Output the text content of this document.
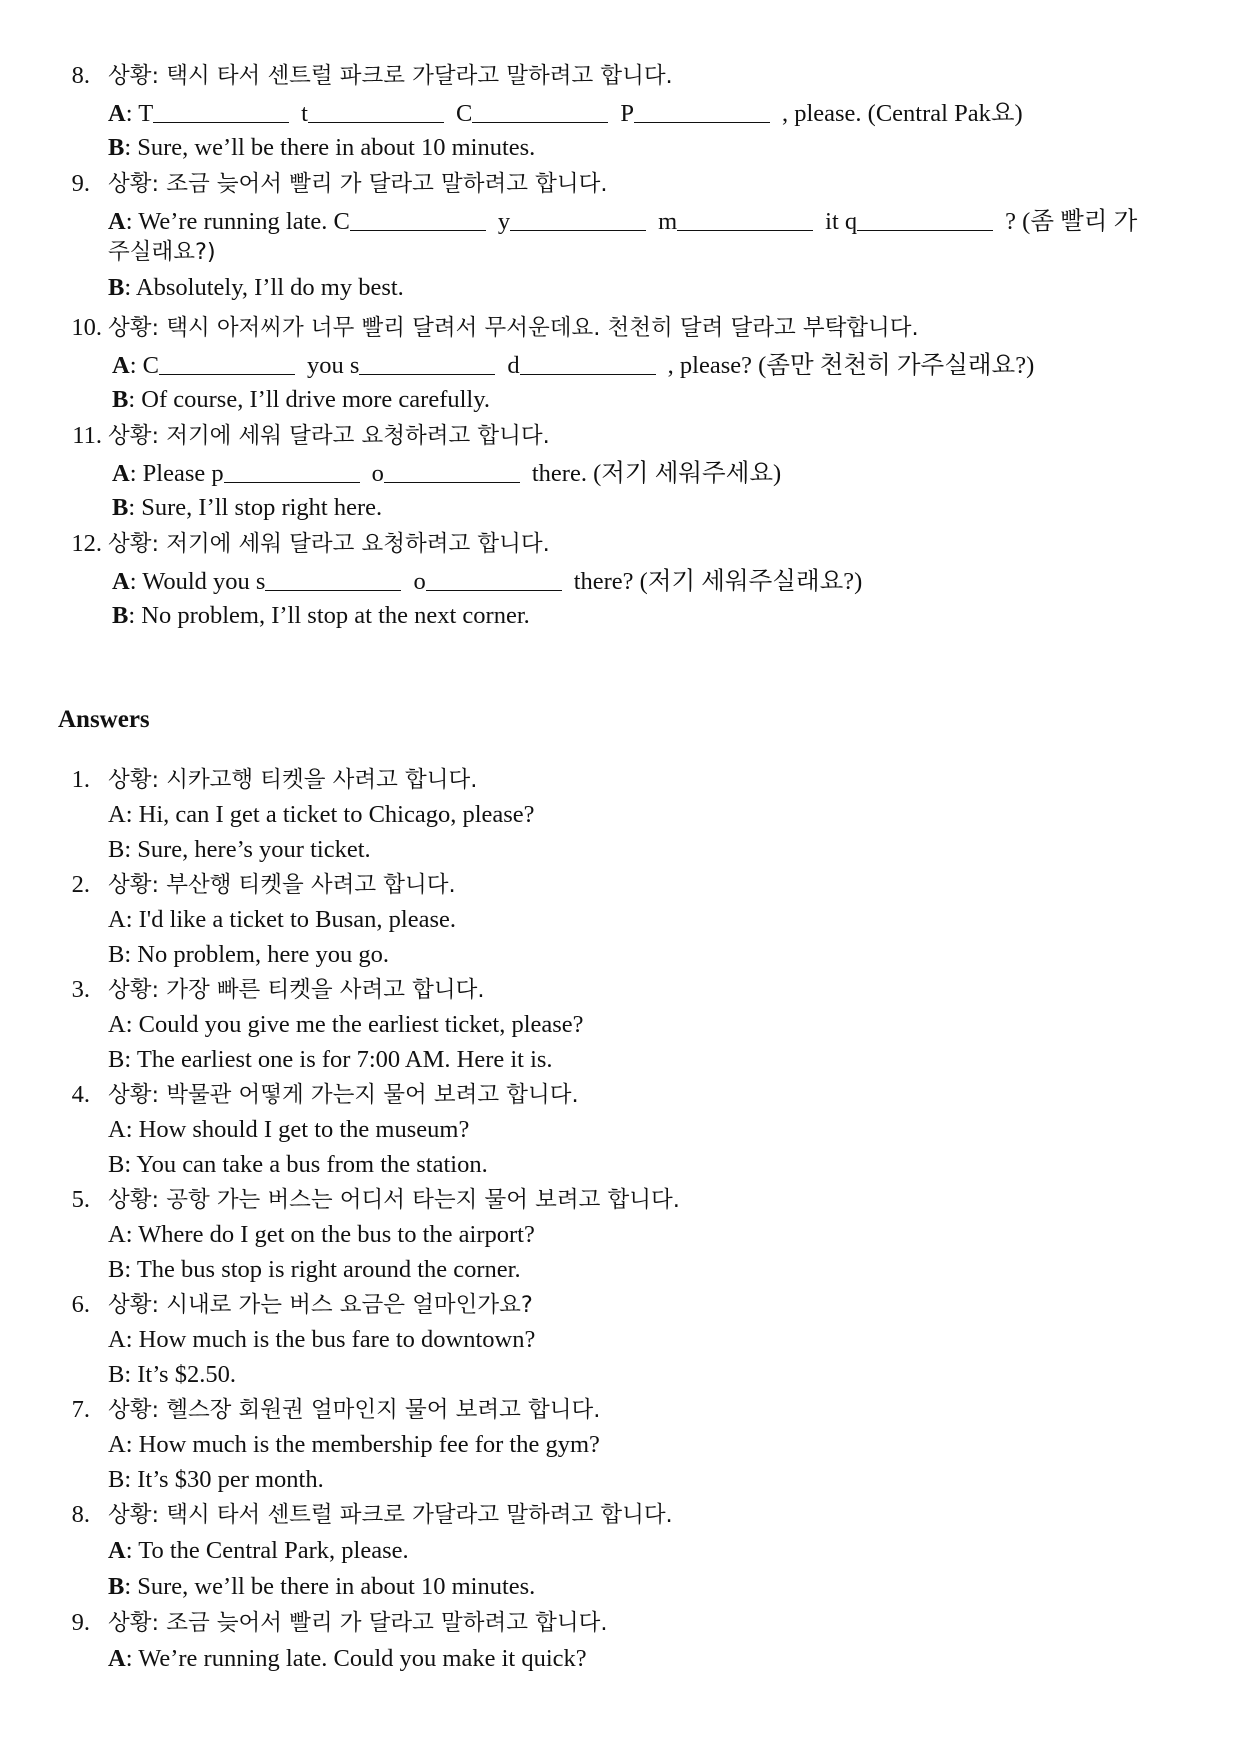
8. 상황: 택시 타서 센트럴 파크로 가달라고 말하려고 합니다.
A: T	t	C	P	, please. (Central Pak요)
B: Sure, we’ll be there in about 10 minutes.
9. 상황: 조금 늦어서 빨리 가 달라고 말하려고 합니다.
A: We’re running late. C	y	m	it q	? (좀 빨리 가
주실래요?)
B: Absolutely, I’ll do my best.
10. 상황: 택시 아저씨가 너무 빨리 달려서 무서운데요. 천천히 달려 달라고 부탁합니다.
A: C	you s	d	, please? (좀만 천천히 가주실래요?)
B: Of course, I’ll drive more carefully.
11. 상황: 저기에 세워 달라고 요청하려고 합니다.
A: Please p	o	there. (저기 세워주세요)
B: Sure, I’ll stop right here.
12. 상황: 저기에 세워 달라고 요청하려고 합니다.
A: Would you s	o	there? (저기 세워주실래요?)
B: No problem, I’ll stop at the next corner.
Answers
1. 상황: 시카고행 티켓을 사려고 합니다.
A: Hi, can I get a ticket to Chicago, please?
B: Sure, here’s your ticket.
2. 상황: 부산행 티켓을 사려고 합니다.
A: I'd like a ticket to Busan, please.
B: No problem, here you go.
3. 상황: 가장 빠른 티켓을 사려고 합니다.
A: Could you give me the earliest ticket, please?
B: The earliest one is for 7:00 AM. Here it is.
4. 상황: 박물관 어떻게 가는지 물어 보려고 합니다.
A: How should I get to the museum?
B: You can take a bus from the station.
5. 상황: 공항 가는 버스는 어디서 타는지 물어 보려고 합니다.
A: Where do I get on the bus to the airport?
B: The bus stop is right around the corner.
6. 상황: 시내로 가는 버스 요금은 얼마인가요?
A: How much is the bus fare to downtown?
B: It’s $2.50.
7. 상황: 헬스장 회원권 얼마인지 물어 보려고 합니다.
A: How much is the membership fee for the gym?
B: It’s $30 per month.
8. 상황: 택시 타서 센트럴 파크로 가달라고 말하려고 합니다.
A: To the Central Park, please.
B: Sure, we’ll be there in about 10 minutes.
9. 상황: 조금 늦어서 빨리 가 달라고 말하려고 합니다.
A: We’re running late. Could you make it quick?
